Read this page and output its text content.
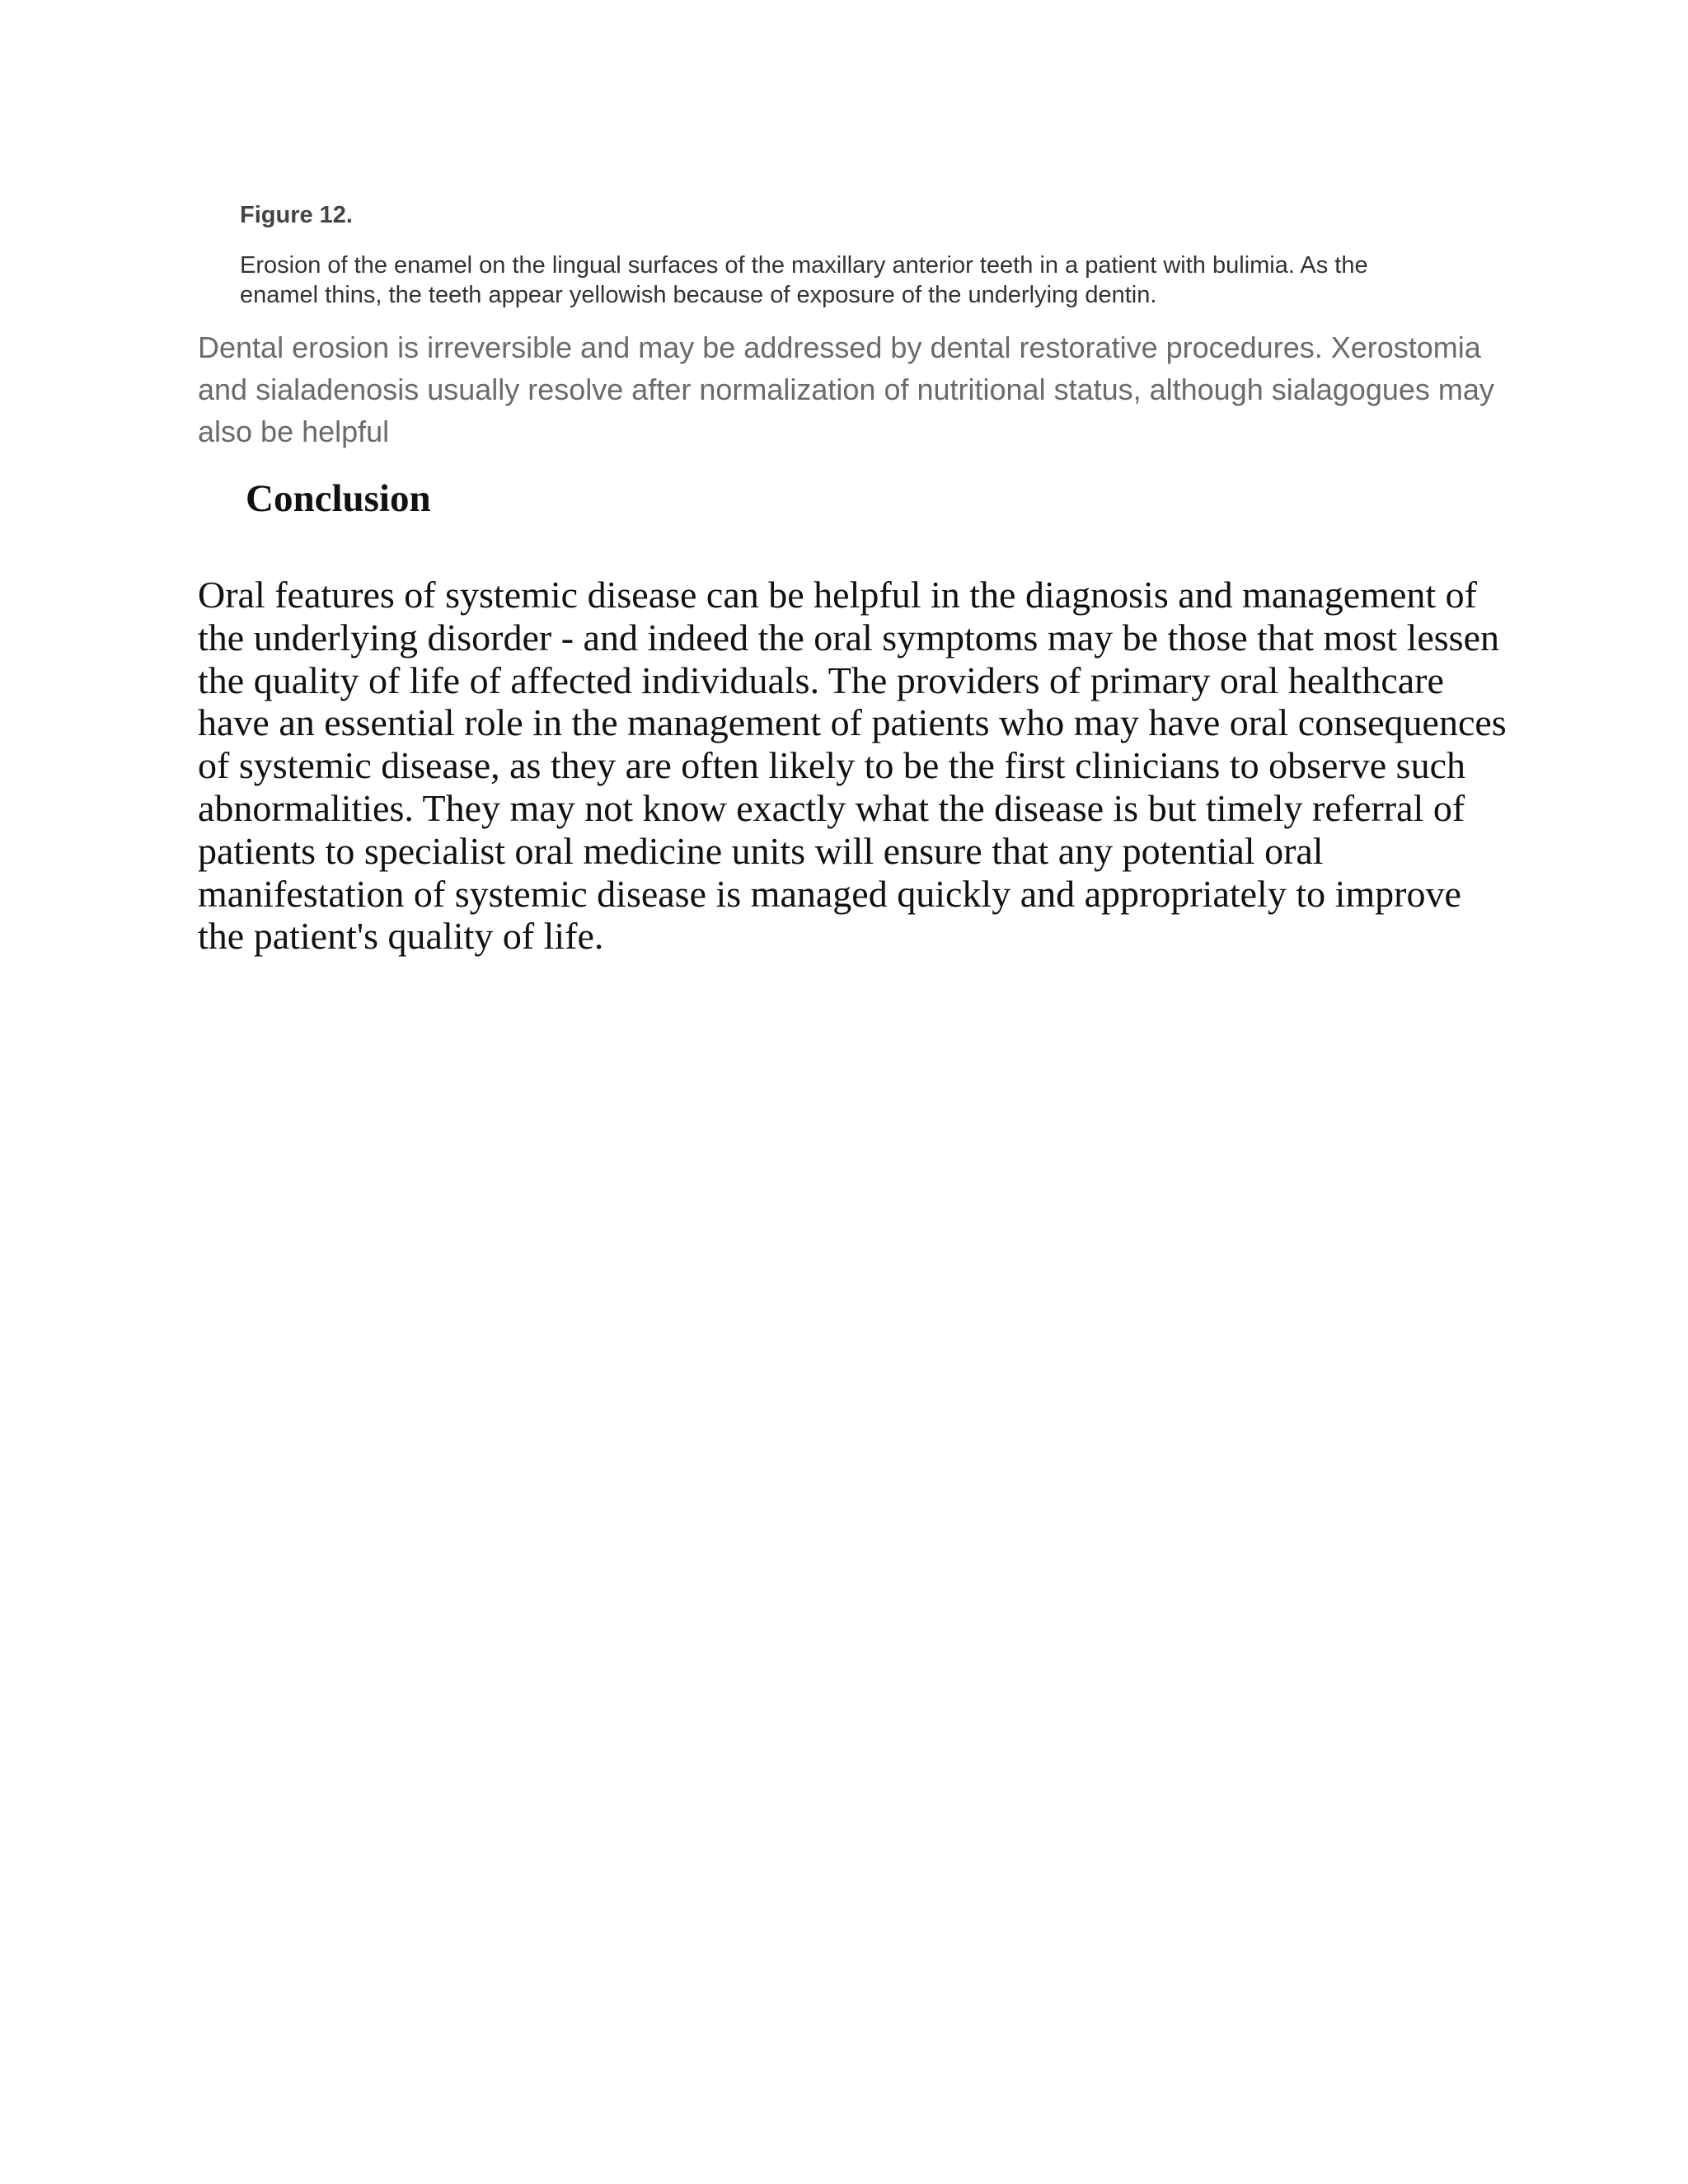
Figure 12.

Erosion of the enamel on the lingual surfaces of the maxillary anterior teeth in a patient with bulimia. As the enamel thins, the teeth appear yellowish because of exposure of the underlying dentin.

Dental erosion is irreversible and may be addressed by dental restorative procedures. Xerostomia and sialadenosis usually resolve after normalization of nutritional status, although sialagogues may also be helpful

Conclusion

Oral features of systemic disease can be helpful in the diagnosis and management of the underlying disorder - and indeed the oral symptoms may be those that most lessen the quality of life of affected individuals. The providers of primary oral healthcare have an essential role in the management of patients who may have oral consequences of systemic disease, as they are often likely to be the first clinicians to observe such abnormalities. They may not know exactly what the disease is but timely referral of patients to specialist oral medicine units will ensure that any potential oral manifestation of systemic disease is managed quickly and appropriately to improve the patient's quality of life.
